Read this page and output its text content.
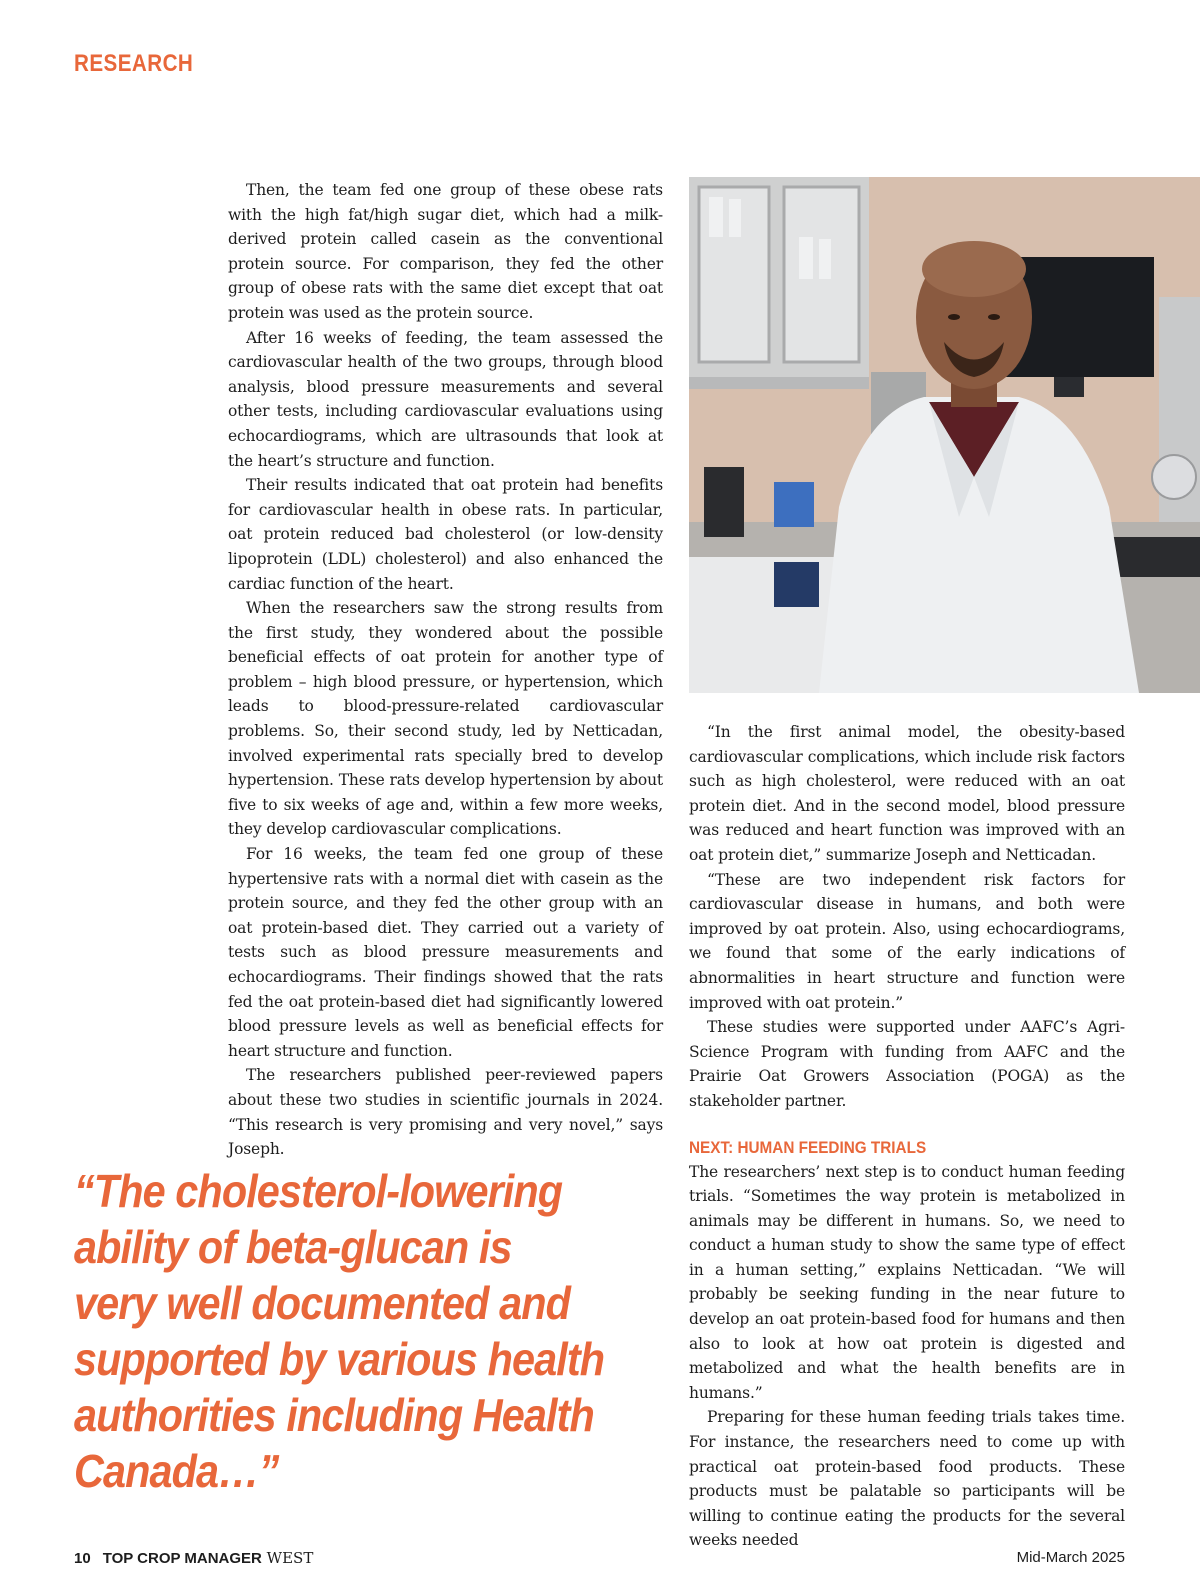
RESEARCH

Then, the team fed one group of these obese rats with the high fat/high sugar diet, which had a milk-derived protein called casein as the conventional protein source. For comparison, they fed the other group of obese rats with the same diet except that oat protein was used as the protein source.

After 16 weeks of feeding, the team assessed the cardiovascular health of the two groups, through blood analysis, blood pressure measurements and several other tests, including cardiovascular evaluations using echocardiograms, which are ultrasounds that look at the heart’s structure and function.

Their results indicated that oat protein had benefits for cardiovascular health in obese rats. In particular, oat protein reduced bad cholesterol (or low-density lipoprotein (LDL) cholesterol) and also enhanced the cardiac function of the heart.

When the researchers saw the strong results from the first study, they wondered about the possible beneficial effects of oat protein for another type of problem – high blood pressure, or hypertension, which leads to blood-pressure-related cardiovascular problems. So, their second study, led by Netticadan, involved experimental rats specially bred to develop hypertension. These rats develop hypertension by about five to six weeks of age and, within a few more weeks, they develop cardiovascular complications.

For 16 weeks, the team fed one group of these hypertensive rats with a normal diet with casein as the protein source, and they fed the other group with an oat protein-based diet. They carried out a variety of tests such as blood pressure measurements and echocardiograms. Their findings showed that the rats fed the oat protein-based diet had significantly lowered blood pressure levels as well as beneficial effects for heart structure and function.

The researchers published peer-reviewed papers about these two studies in scientific journals in 2024. “This research is very promising and very novel,” says Joseph.

“In the first animal model, the obesity-based cardiovascular complications, which include risk factors such as high cholesterol, were reduced with an oat protein diet. And in the second model, blood pressure was reduced and heart function was improved with an oat protein diet,” summarize Joseph and Netticadan.

“These are two independent risk factors for cardiovascular disease in humans, and both were improved by oat protein. Also, using echocardiograms, we found that some of the early indications of abnormalities in heart structure and function were improved with oat protein.”

These studies were supported under AAFC’s Agri-Science Program with funding from AAFC and the Prairie Oat Growers Association (POGA) as the stakeholder partner.

NEXT: HUMAN FEEDING TRIALS

The researchers’ next step is to conduct human feeding trials. “Sometimes the way protein is metabolized in animals may be different in humans. So, we need to conduct a human study to show the same type of effect in a human setting,” explains Netticadan. “We will probably be seeking funding in the near future to develop an oat protein-based food for humans and then also to look at how oat protein is digested and metabolized and what the health benefits are in humans.”

Preparing for these human feeding trials takes time. For instance, the researchers need to come up with practical oat protein-based food products. These products must be palatable so participants will be willing to continue eating the products for the several weeks needed

“The cholesterol-lowering
ability of beta-glucan is
very well documented and
supported by various health
authorities including Health
Canada…”
10 TOP CROP MANAGER WEST	Mid-March 2025
